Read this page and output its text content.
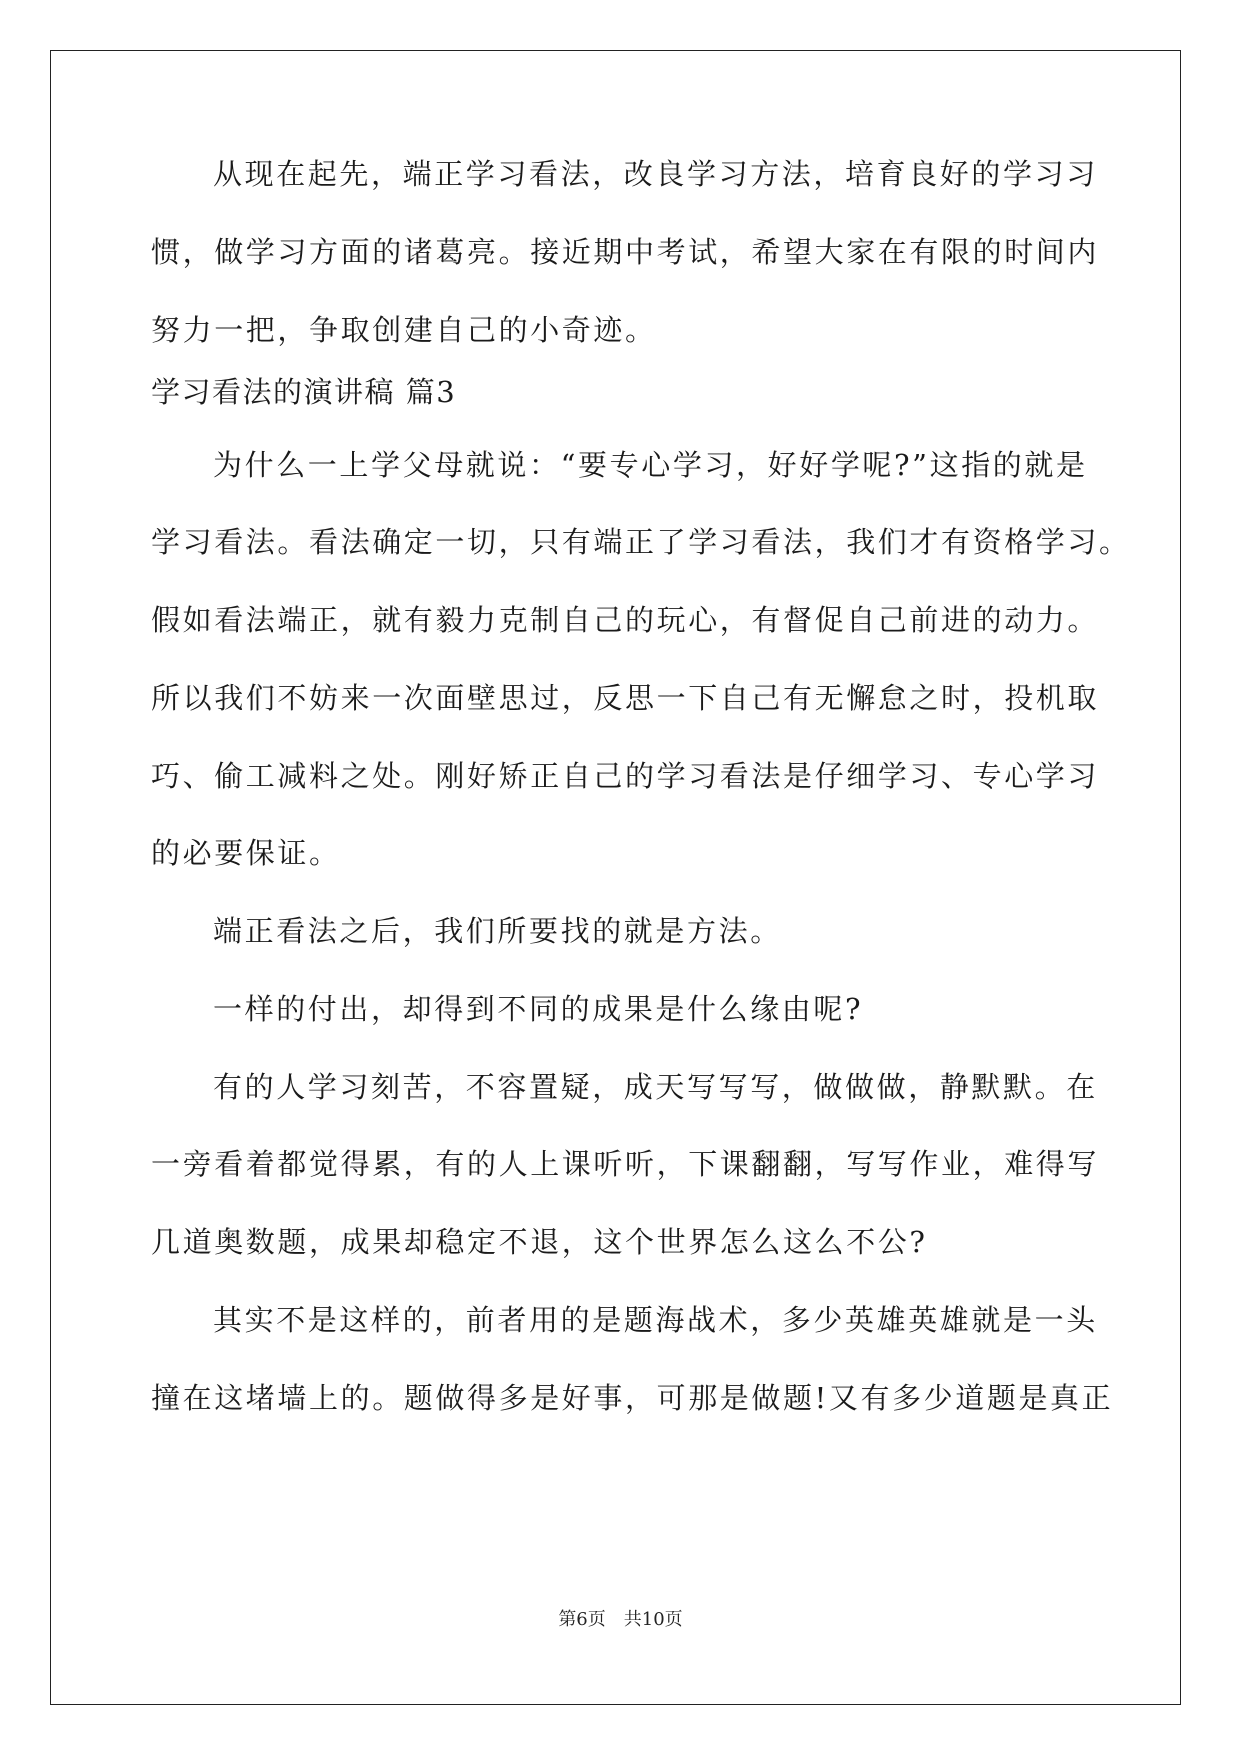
从现在起先，端正学习看法，改良学习方法，培育良好的学习习
惯，做学习方面的诸葛亮。接近期中考试，希望大家在有限的时间内
努力一把，争取创建自己的小奇迹。
学习看法的演讲稿 篇3
为什么一上学父母就说：“要专心学习，好好学呢?”这指的就是
学习看法。看法确定一切，只有端正了学习看法，我们才有资格学习。
假如看法端正，就有毅力克制自己的玩心，有督促自己前进的动力。
所以我们不妨来一次面壁思过，反思一下自己有无懈怠之时，投机取
巧、偷工减料之处。刚好矫正自己的学习看法是仔细学习、专心学习
的必要保证。
端正看法之后，我们所要找的就是方法。
一样的付出，却得到不同的成果是什么缘由呢?
有的人学习刻苦，不容置疑，成天写写写，做做做，静默默。在
一旁看着都觉得累，有的人上课听听，下课翻翻，写写作业，难得写
几道奥数题，成果却稳定不退，这个世界怎么这么不公?
其实不是这样的，前者用的是题海战术，多少英雄英雄就是一头
撞在这堵墙上的。题做得多是好事，可那是做题!又有多少道题是真正
第6页 共10页
